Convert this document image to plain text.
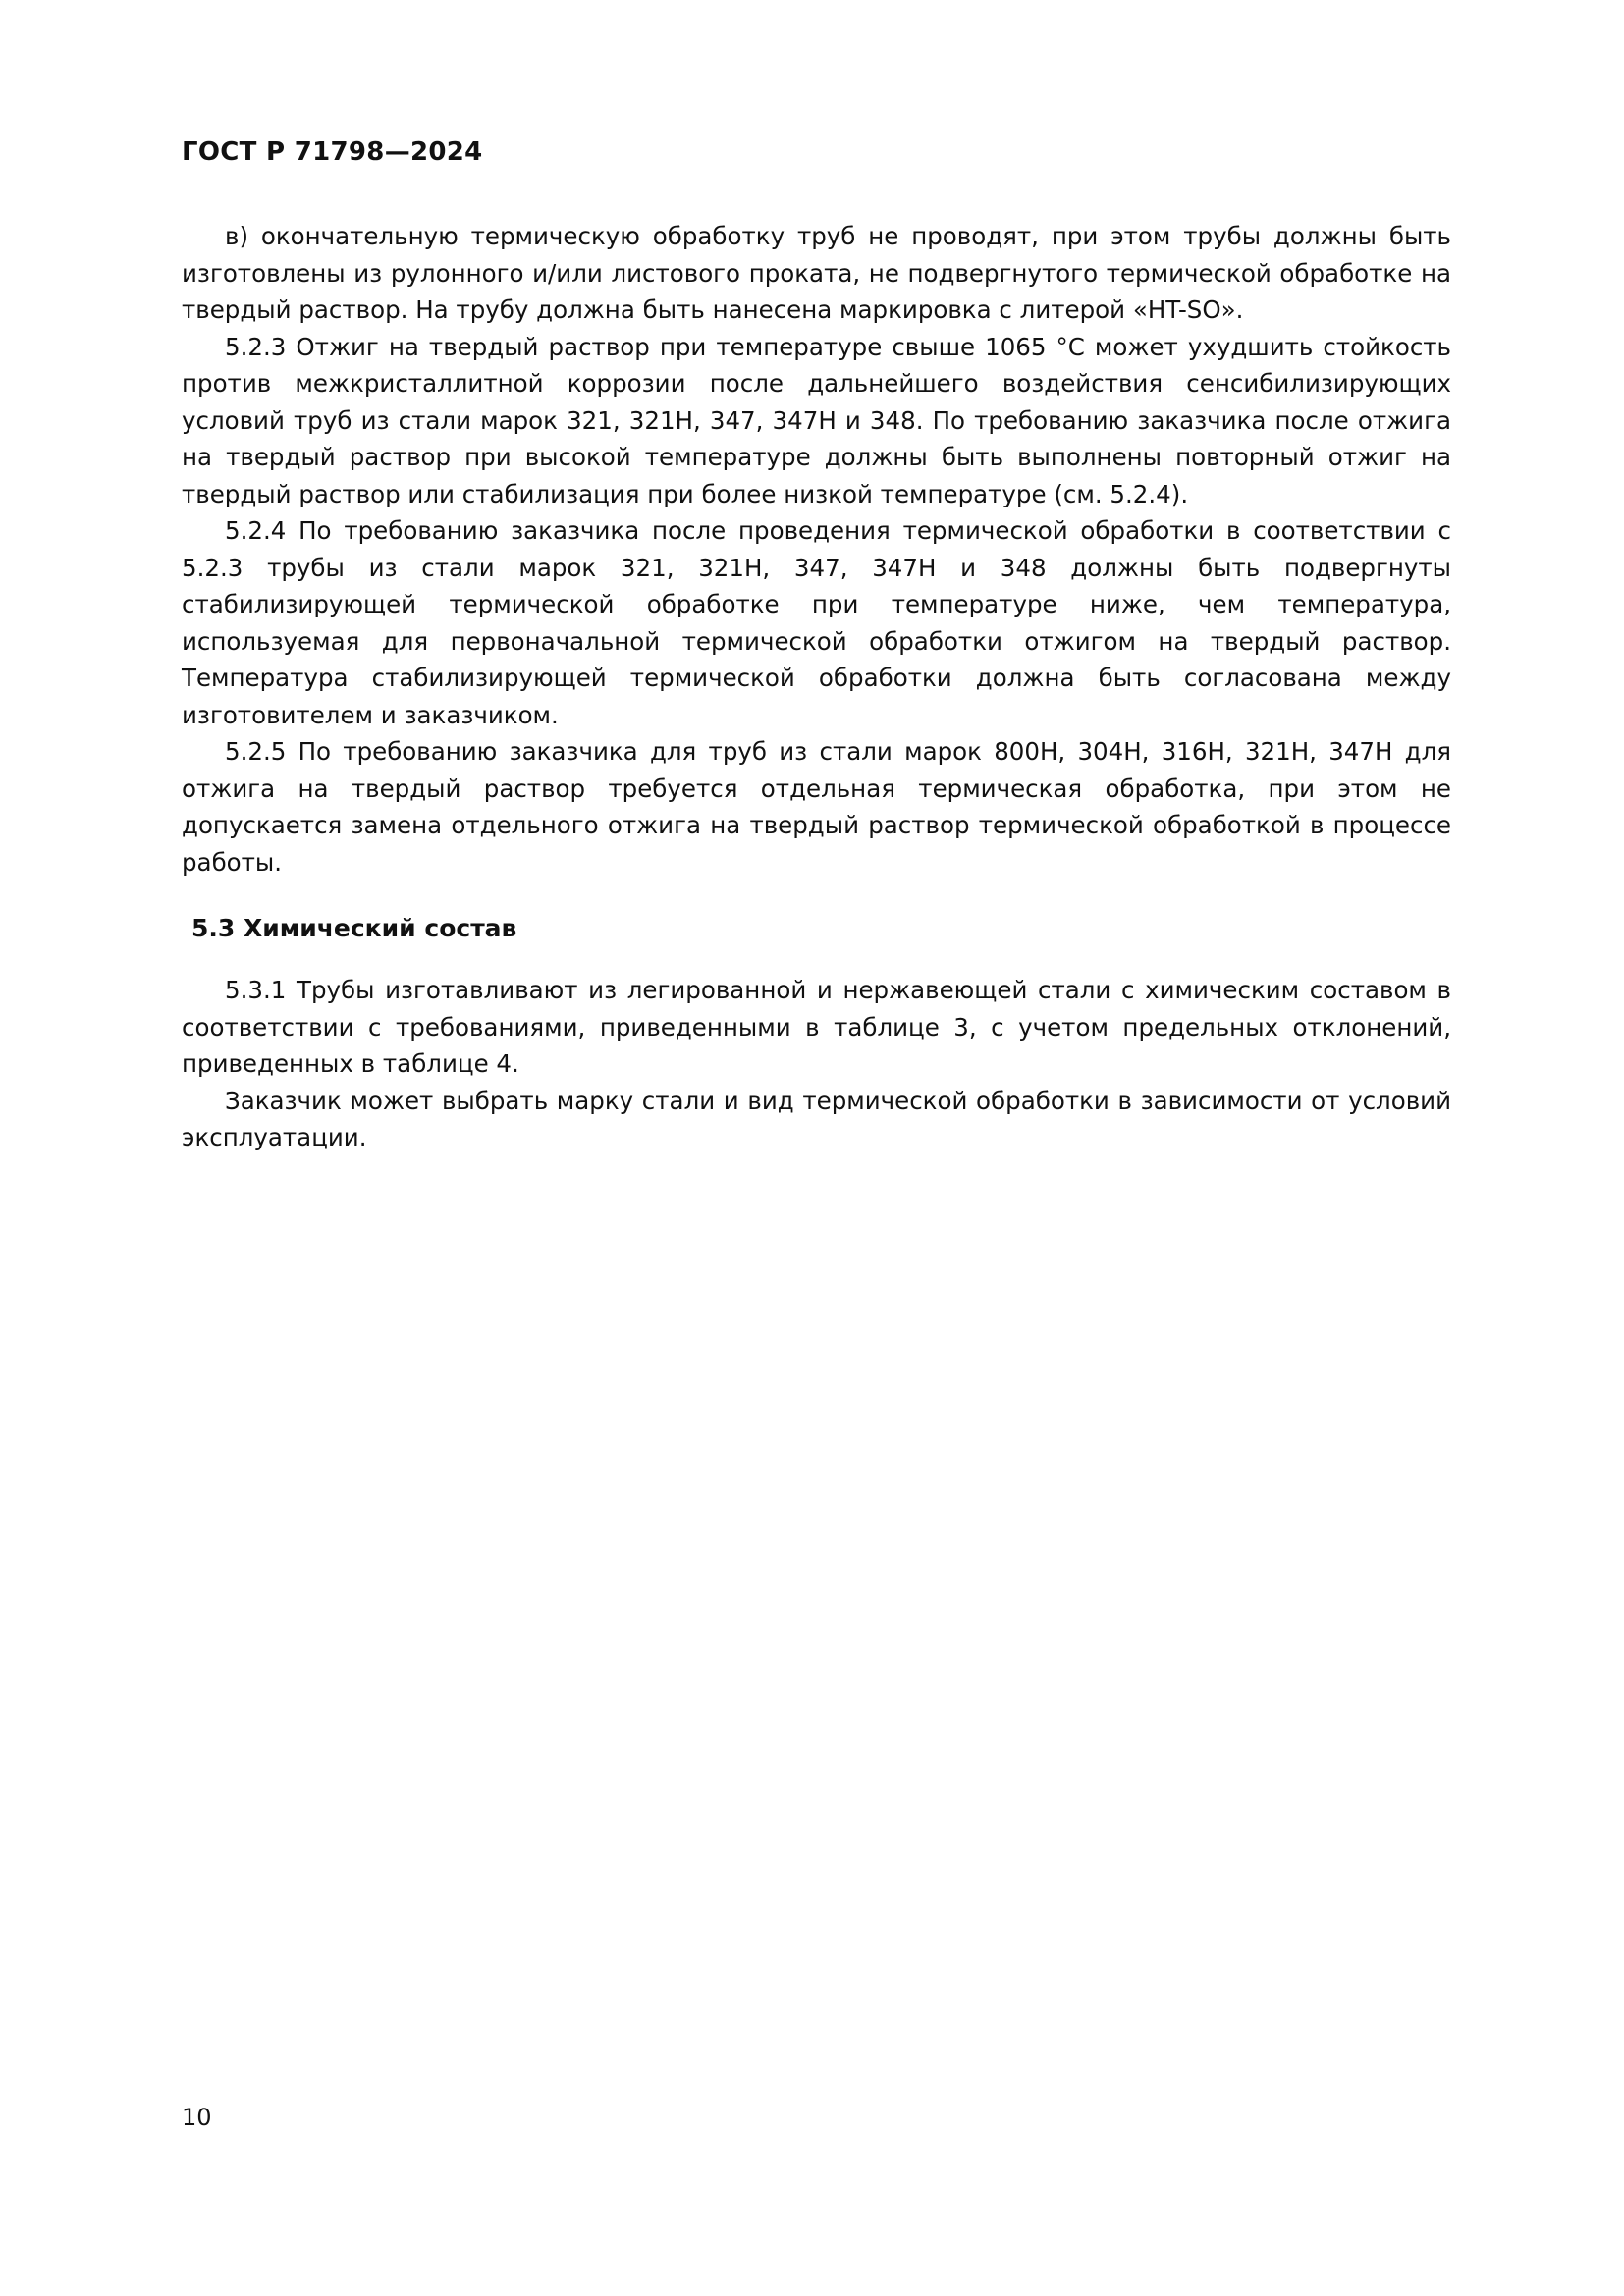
ГОСТ Р 71798—2024

в) окончательную термическую обработку труб не проводят, при этом трубы должны быть изготовлены из рулонного и/или листового проката, не подвергнутого термической обработке на твердый раствор. На трубу должна быть нанесена маркировка с литерой «HT-SO».

5.2.3 Отжиг на твердый раствор при температуре свыше 1065 °C может ухудшить стойкость против межкристаллитной коррозии после дальнейшего воздействия сенсибилизирующих условий труб из стали марок 321, 321H, 347, 347H и 348. По требованию заказчика после отжига на твердый раствор при высокой температуре должны быть выполнены повторный отжиг на твердый раствор или стабилизация при более низкой температуре (см. 5.2.4).

5.2.4 По требованию заказчика после проведения термической обработки в соответствии с 5.2.3 трубы из стали марок 321, 321H, 347, 347H и 348 должны быть подвергнуты стабилизирующей термической обработке при температуре ниже, чем температура, используемая для первоначальной термической обработки отжигом на твердый раствор. Температура стабилизирующей термической обработки должна быть согласована между изготовителем и заказчиком.

5.2.5 По требованию заказчика для труб из стали марок 800H, 304H, 316H, 321H, 347H для отжига на твердый раствор требуется отдельная термическая обработка, при этом не допускается замена отдельного отжига на твердый раствор термической обработкой в процессе работы.

5.3 Химический состав

5.3.1 Трубы изготавливают из легированной и нержавеющей стали с химическим составом в соответствии с требованиями, приведенными в таблице 3, с учетом предельных отклонений, приведенных в таблице 4.

Заказчик может выбрать марку стали и вид термической обработки в зависимости от условий эксплуатации.

10
